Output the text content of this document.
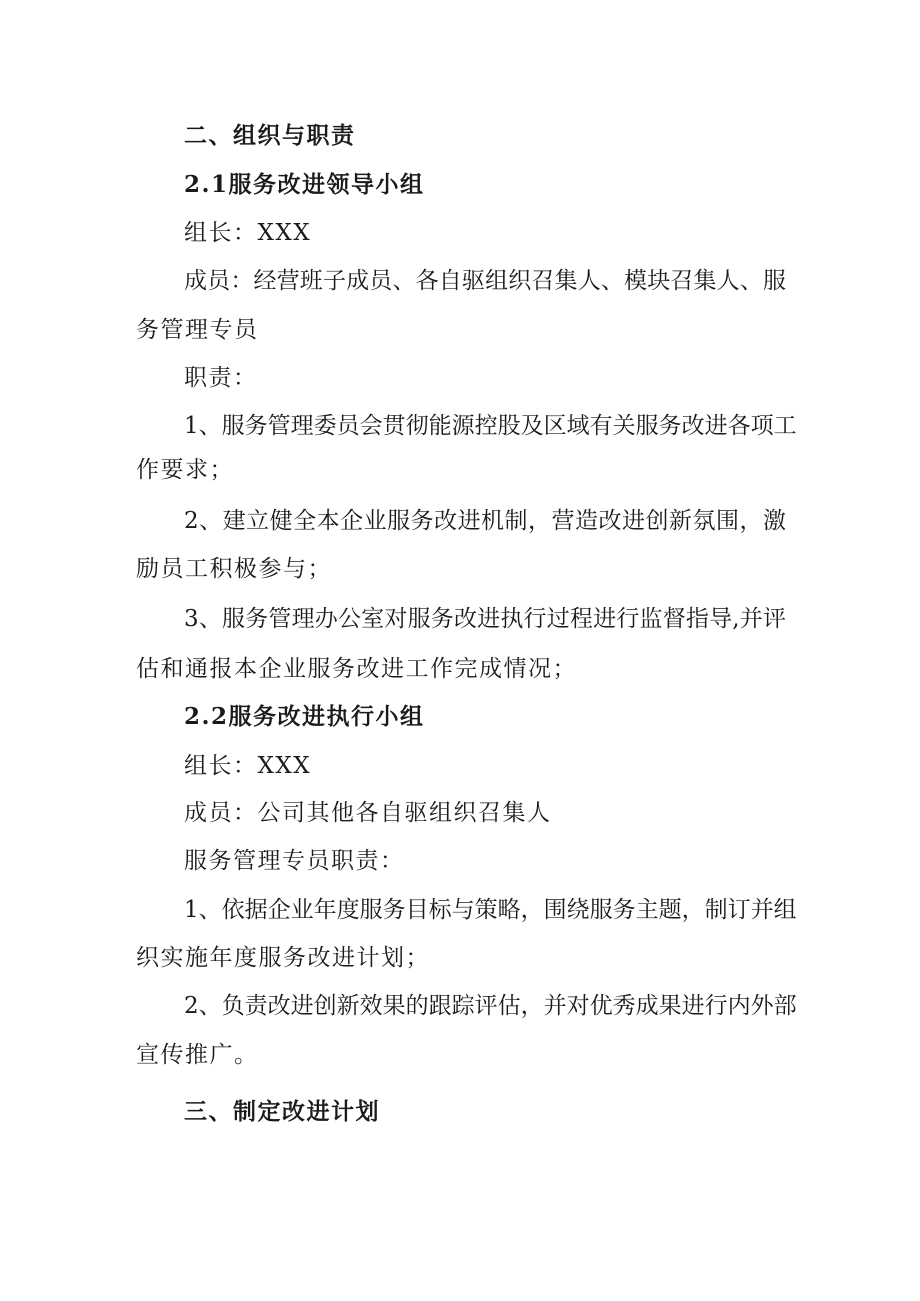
二、组织与职责
2.1服务改进领导小组
组长：XXX
成员：经营班子成员、各自驱组织召集人、模块召集人、服
务管理专员
职责：
1、服务管理委员会贯彻能源控股及区域有关服务改进各项工
作要求；
2、建立健全本企业服务改进机制，营造改进创新氛围，激
励员工积极参与；
3、服务管理办公室对服务改进执行过程进行监督指导,并评
估和通报本企业服务改进工作完成情况；
2.2服务改进执行小组
组长：XXX
成员：公司其他各自驱组织召集人
服务管理专员职责：
1、依据企业年度服务目标与策略，围绕服务主题，制订并组
织实施年度服务改进计划；
2、负责改进创新效果的跟踪评估，并对优秀成果进行内外部
宣传推广。
三、制定改进计划
